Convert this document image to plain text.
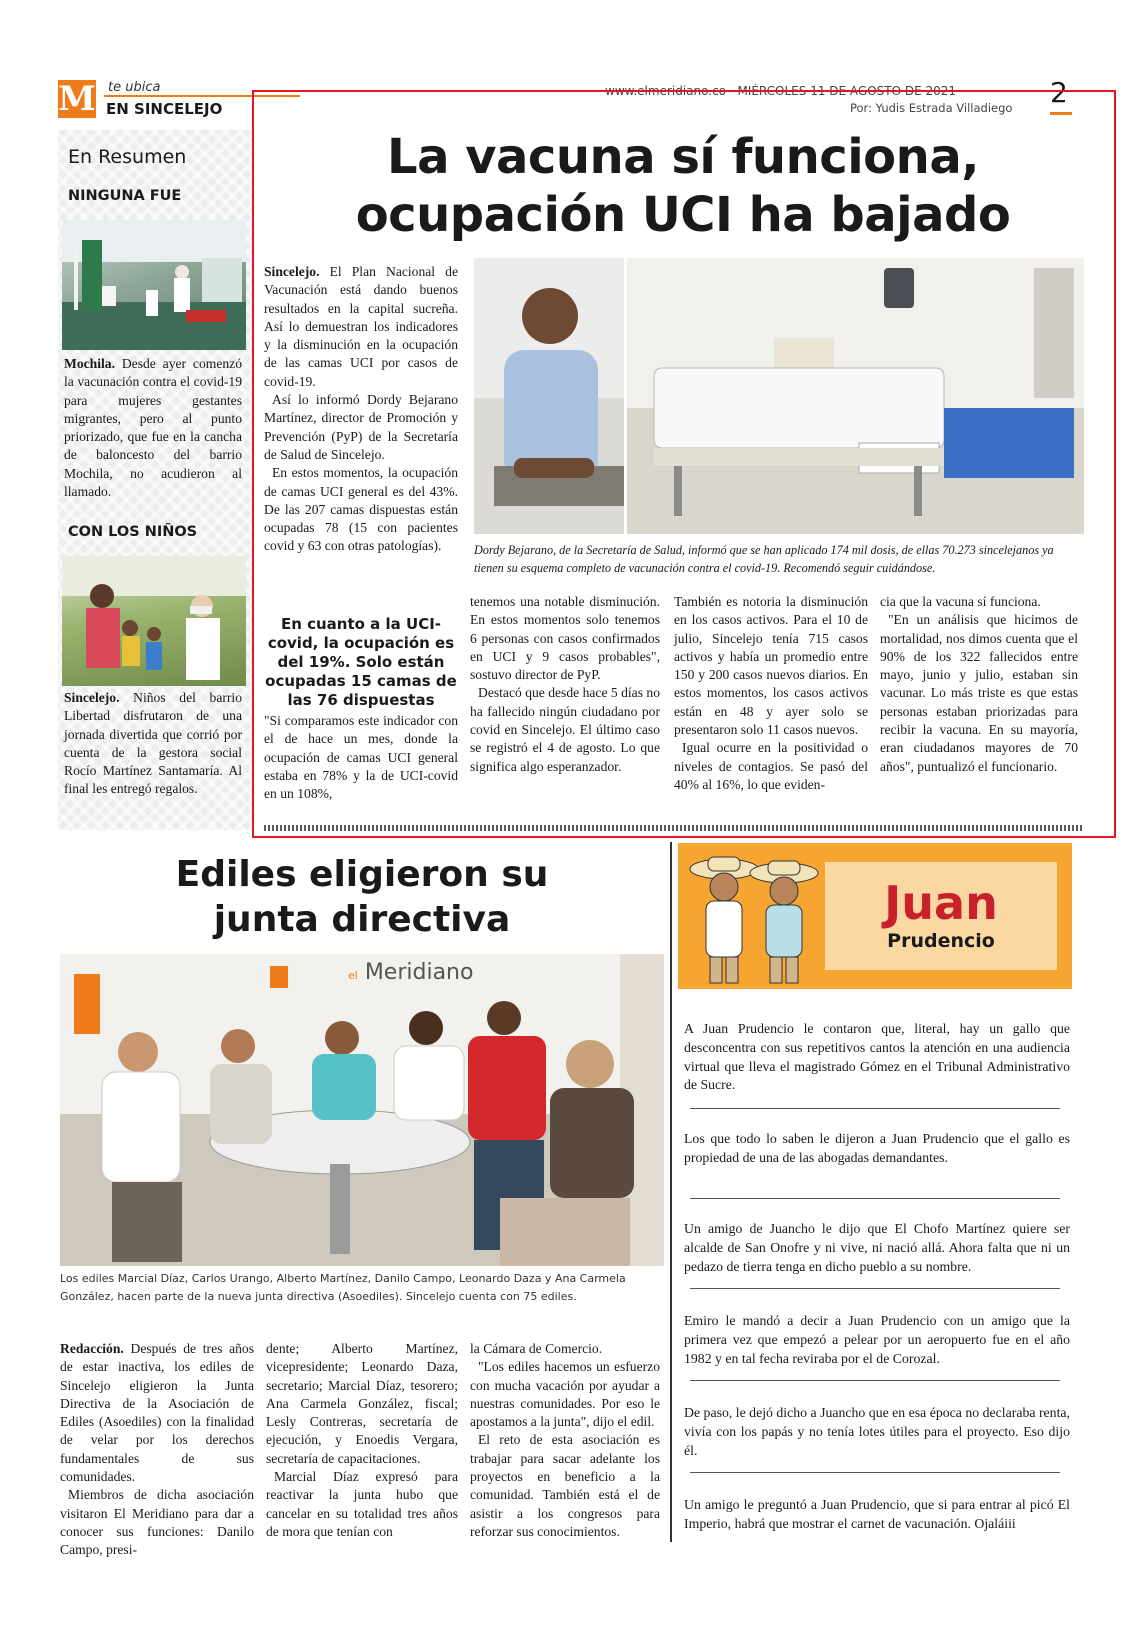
M te ubica
EN SINCELEJO
www.elmeridiano.co · MIÉRCOLES 11 DE AGOSTO DE 2021
Por: Yudis Estrada Villadiego 2
En Resumen
NINGUNA FUE
Mochila. Desde ayer comenzó la vacunación contra el covid-19 para mujeres gestantes migrantes, pero al punto priorizado, que fue en la cancha de baloncesto del barrio Mochila, no acudieron al llamado.
CON LOS NIÑOS
Sincelejo. Niños del barrio Libertad disfrutaron de una jornada divertida que corrió por cuenta de la gestora social Rocío Martínez Santamaría. Al final les entregó regalos.
La vacuna sí funciona,
ocupación UCI ha bajado
Dordy Bejarano, de la Secretaría de Salud, informó que se han aplicado 174 mil dosis, de ellas 70.273 sincelejanos ya tienen su esquema completo de vacunación contra el covid-19. Recomendó seguir cuidándose.

Sincelejo. El Plan Nacional de Vacunación está dando buenos resultados en la capital sucreña. Así lo demuestran los indicadores y la disminución en la ocupación de las camas UCI por casos de covid-19.

Así lo informó Dordy Bejarano Martínez, director de Promoción y Prevención (PyP) de la Secretaría de Salud de Sincelejo.

En estos momentos, la ocupación de camas UCI general es del 43%. De las 207 camas dispuestas están ocupadas 78 (15 con pacientes covid y 63 con otras patologías).

En cuanto a la UCI-covid, la ocupación es del 19%. Solo están ocupadas 15 camas de las 76 dispuestas

"Si comparamos este indicador con el de hace un mes, donde la ocupación de camas UCI general estaba en 78% y la de UCI-covid en un 108%,

tenemos una notable disminución. En estos momentos solo tenemos 6 personas con casos confirmados en UCI y 9 casos probables", sostuvo director de PyP.

Destacó que desde hace 5 días no ha fallecido ningún ciudadano por covid en Sincelejo. El último caso se registró el 4 de agosto. Lo que significa algo esperanzador.

También es notoria la disminución en los casos activos. Para el 10 de julio, Sincelejo tenía 715 casos activos y había un promedio entre 150 y 200 casos nuevos diarios. En estos momentos, los casos activos están en 48 y ayer solo se presentaron solo 11 casos nuevos.

Igual ocurre en la positividad o niveles de contagios. Se pasó del 40% al 16%, lo que eviden-

cia que la vacuna sí funciona.

"En un análisis que hicimos de mortalidad, nos dimos cuenta que el 90% de los 322 fallecidos entre mayo, junio y julio, estaban sin vacunar. Lo más triste es que estas personas estaban priorizadas para recibir la vacuna. En su mayoría, eran ciudadanos mayores de 70 años", puntualizó el funcionario.

Ediles eligieron su
junta directiva
el Meridiano
Los ediles Marcial Díaz, Carlos Urango, Alberto Martínez, Danilo Campo, Leonardo Daza y Ana Carmela González, hacen parte de la nueva junta directiva (Asoediles). Sincelejo cuenta con 75 ediles.

Redacción. Después de tres años de estar inactiva, los ediles de Sincelejo eligieron la Junta Directiva de la Asociación de Ediles (Asoediles) con la finalidad de velar por los derechos fundamentales de sus comunidades.

Miembros de dicha asociación visitaron El Meridiano para dar a conocer sus funciones: Danilo Campo, presi-

dente; Alberto Martínez, vicepresidente; Leonardo Daza, secretario; Marcial Díaz, tesorero; Ana Carmela González, fiscal; Lesly Contreras, secretaría de ejecución, y Enoedis Vergara, secretaría de capacitaciones.

Marcial Díaz expresó para reactivar la junta hubo que cancelar en su totalidad tres años de mora que tenían con

la Cámara de Comercio.

"Los ediles hacemos un esfuerzo con mucha vacación por ayudar a nuestras comunidades. Por eso le apostamos a la junta", dijo el edil.

El reto de esta asociación es trabajar para sacar adelante los proyectos en beneficio a la comunidad. También está el de asistir a los congresos para reforzar sus conocimientos.

Juan
Prudencio
A Juan Prudencio le contaron que, literal, hay un gallo que desconcentra con sus repetitivos cantos la atención en una audiencia virtual que lleva el magistrado Gómez en el Tribunal Administrativo de Sucre.
Los que todo lo saben le dijeron a Juan Prudencio que el gallo es propiedad de una de las abogadas demandantes.
Un amigo de Juancho le dijo que El Chofo Martínez quiere ser alcalde de San Onofre y ni vive, ni nació allá. Ahora falta que ni un pedazo de tierra tenga en dicho pueblo a su nombre.
Emiro le mandó a decir a Juan Prudencio con un amigo que la primera vez que empezó a pelear por un aeropuerto fue en el año 1982 y en tal fecha reviraba por el de Corozal.
De paso, le dejó dicho a Juancho que en esa época no declaraba renta, vivía con los papás y no tenía lotes útiles para el proyecto. Eso dijo él.
Un amigo le preguntó a Juan Prudencio, que si para entrar al picó El Imperio, habrá que mostrar el carnet de vacunación. Ojaláiii
